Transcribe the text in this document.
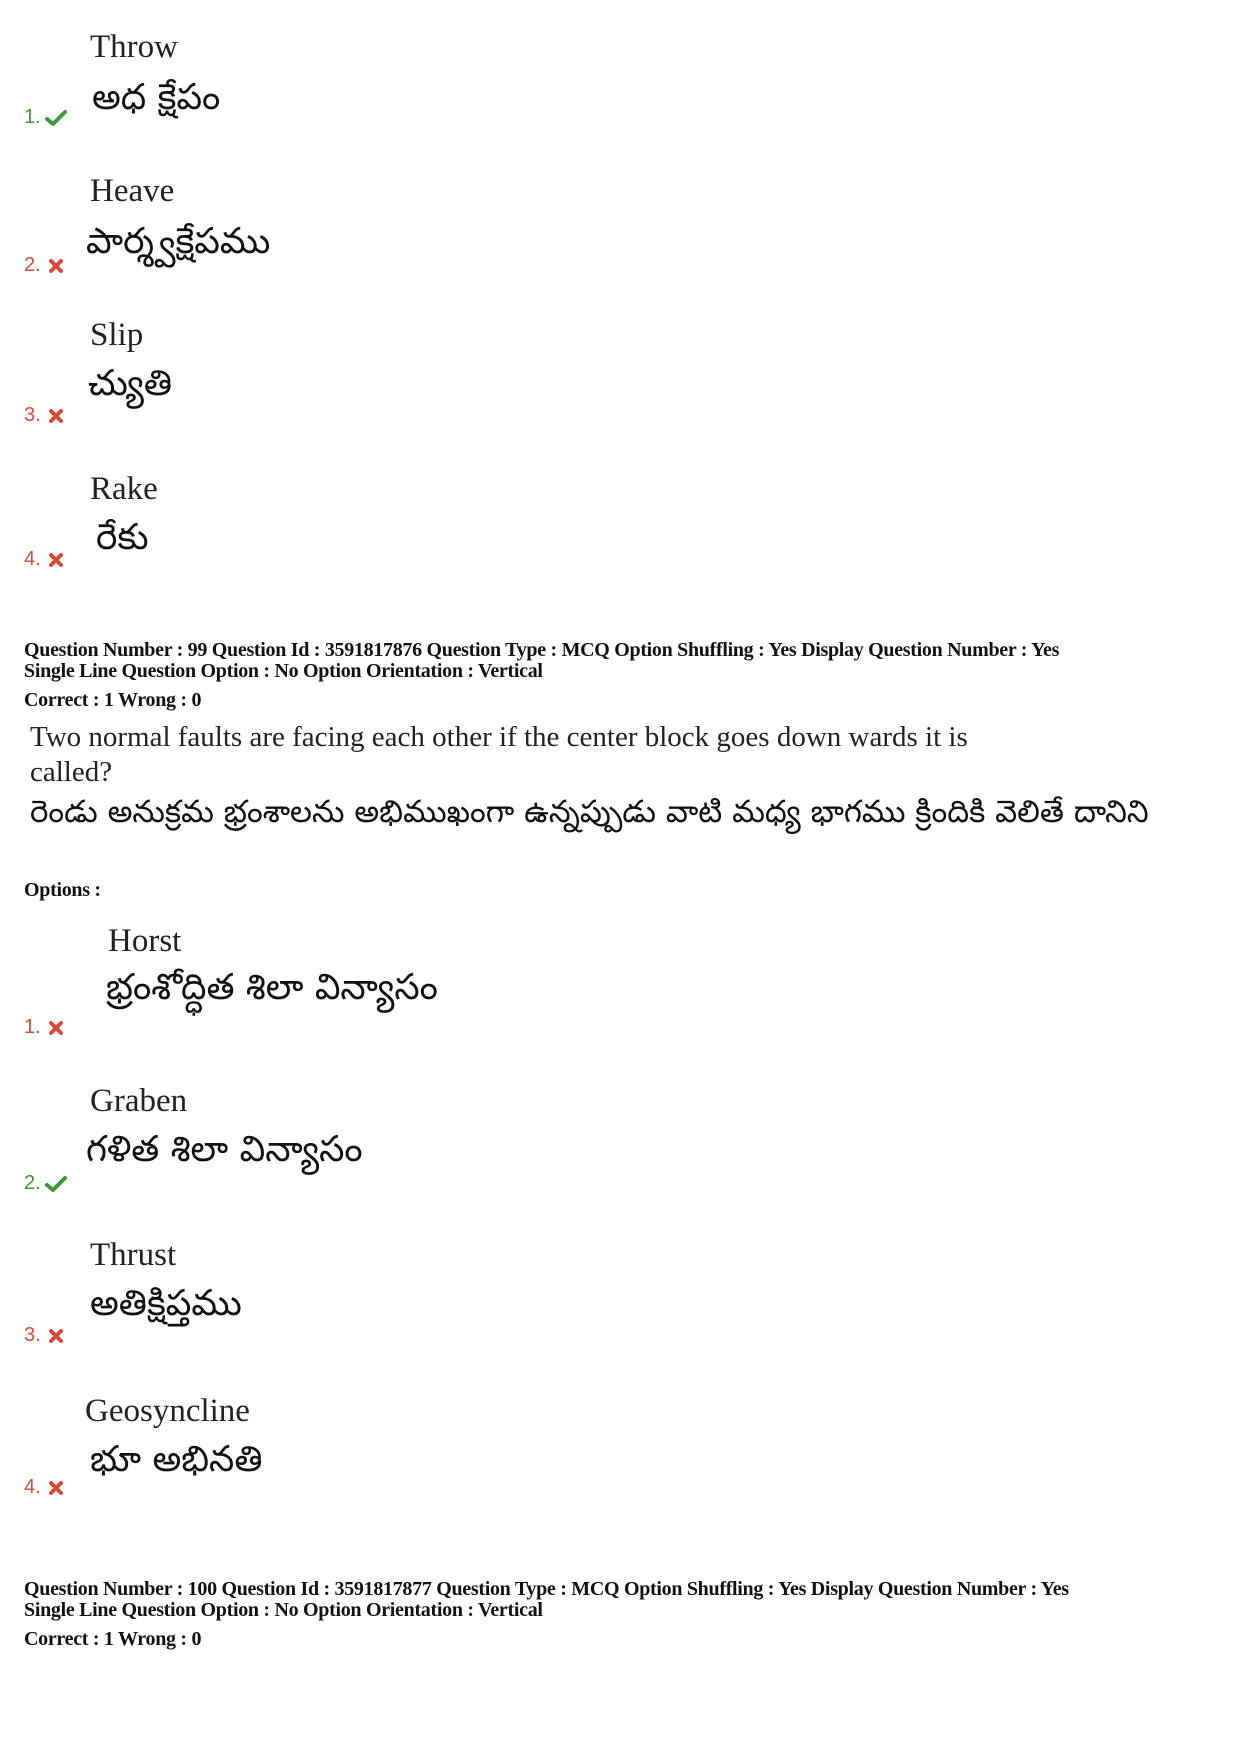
Throw
అధ క్షేపం
1.
Heave
పార్శ్వక్షేపము
2.
Slip
చ్యుతి
3.
Rake
రేకు
4.
Question Number : 99 Question Id : 3591817876 Question Type : MCQ Option Shuffling : Yes Display Question Number : Yes
Single Line Question Option : No Option Orientation : Vertical
Correct : 1 Wrong : 0
Two normal faults are facing each other if the center block goes down wards it is called?
రెండు అనుక్రమ భ్రంశాలను అభిముఖంగా ఉన్నప్పుడు వాటి మధ్య భాగము క్రిందికి వెలితే దానిని
Options :
Horst
భ్రంశోద్ధిత శిలా విన్యాసం
1.
Graben
గళిత శిలా విన్యాసం
2.
Thrust
అతిక్షిప్తము
3.
Geosyncline
భూ అభినతి
4.
Question Number : 100 Question Id : 3591817877 Question Type : MCQ Option Shuffling : Yes Display Question Number : Yes
Single Line Question Option : No Option Orientation : Vertical
Correct : 1 Wrong : 0
